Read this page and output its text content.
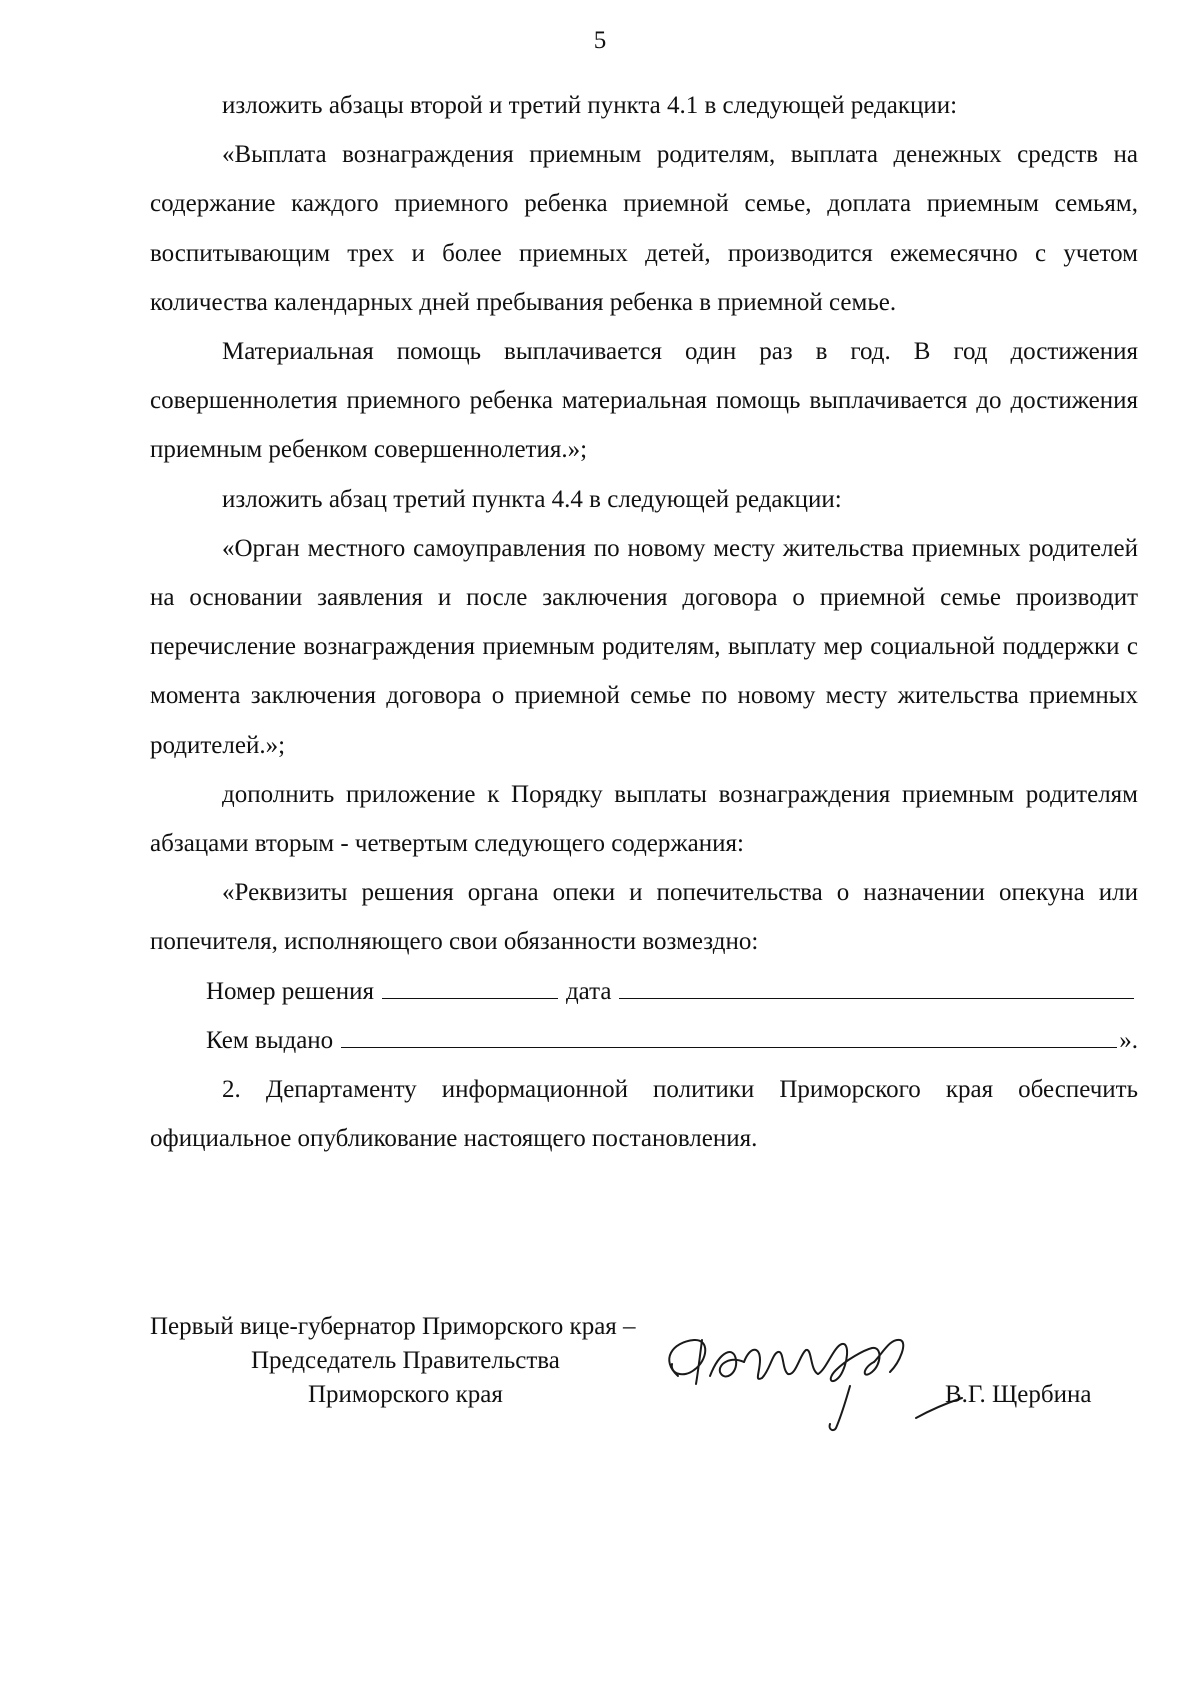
5

изложить абзацы второй и третий пункта 4.1 в следующей редакции:

«Выплата вознаграждения приемным родителям, выплата денежных средств на содержание каждого приемного ребенка приемной семье, доплата приемным семьям, воспитывающим трех и более приемных детей, производится ежемесячно с учетом количества календарных дней пребывания ребенка в приемной семье.

Материальная помощь выплачивается один раз в год. В год достижения совершеннолетия приемного ребенка материальная помощь выплачивается до достижения приемным ребенком совершеннолетия.»;

изложить абзац третий пункта 4.4 в следующей редакции:

«Орган местного самоуправления по новому месту жительства приемных родителей на основании заявления и после заключения договора о приемной семье производит перечисление вознаграждения приемным родителям, выплату мер социальной поддержки с момента заключения договора о приемной семье по новому месту жительства приемных родителей.»;

дополнить приложение к Порядку выплаты вознаграждения приемным родителям абзацами вторым - четвертым следующего содержания:

«Реквизиты решения органа опеки и попечительства о назначении опекуна или попечителя, исполняющего свои обязанности возмездно:

Номер решения	дата
Кем выдано	».

2. Департаменту информационной политики Приморского края обеспечить официальное опубликование настоящего постановления.

Первый вице-губернатор Приморского края –
Председатель Правительства
Приморского края	В.Г. Щербина
